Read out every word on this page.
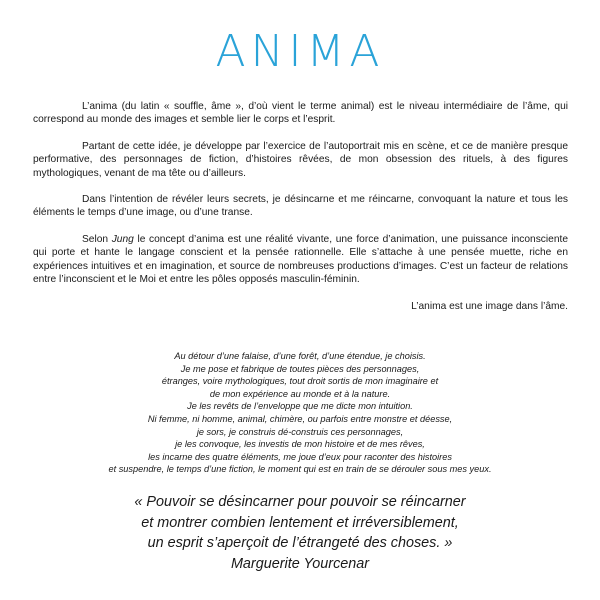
ANIMA

L’anima (du latin « souffle, âme », d’où vient le terme animal) est le niveau intermédiaire de l’âme, qui correspond au monde des images et semble lier le corps et l’esprit.

Partant de cette idée, je développe par l’exercice de l’autoportrait mis en scène, et ce de manière presque performative, des personnages de fiction, d’histoires rêvées, de mon obsession des rituels, à des figures mythologiques, venant de ma tête ou d’ailleurs.

Dans l’intention de révéler leurs secrets, je désincarne et me réincarne, convoquant la nature et tous les éléments le temps d’une image, ou d’une transe.

Selon Jung le concept d’anima est une réalité vivante, une force d’animation, une puissance inconsciente qui porte et hante le langage conscient et la pensée rationnelle. Elle s’attache à une pensée muette, riche en expériences intuitives et en imagination, et source de nombreuses productions d’images. C’est un facteur de relations entre l’inconscient et le Moi et entre les pôles opposés masculin-féminin.

L’anima est une image dans l’âme.

Au détour d’une falaise, d’une forêt, d’une étendue, je choisis.
Je me pose et fabrique de toutes pièces des personnages,
étranges, voire mythologiques, tout droit sortis de mon imaginaire et
de mon expérience au monde et à la nature.
Je les revêts de l’enveloppe que me dicte mon intuition.
Ni femme, ni homme, animal, chimère, ou parfois entre monstre et déesse,
je sors, je construis dé-construis ces personnages,
je les convoque, les investis de mon histoire et de mes rêves,
les incarne des quatre éléments, me joue d’eux pour raconter des histoires
et suspendre, le temps d’une fiction, le moment qui est en train de se dérouler sous mes yeux.
« Pouvoir se désincarner pour pouvoir se réincarner
et montrer combien lentement et irréversiblement,
un esprit s’aperçoit de l’étrangeté des choses. »
Marguerite Yourcenar
